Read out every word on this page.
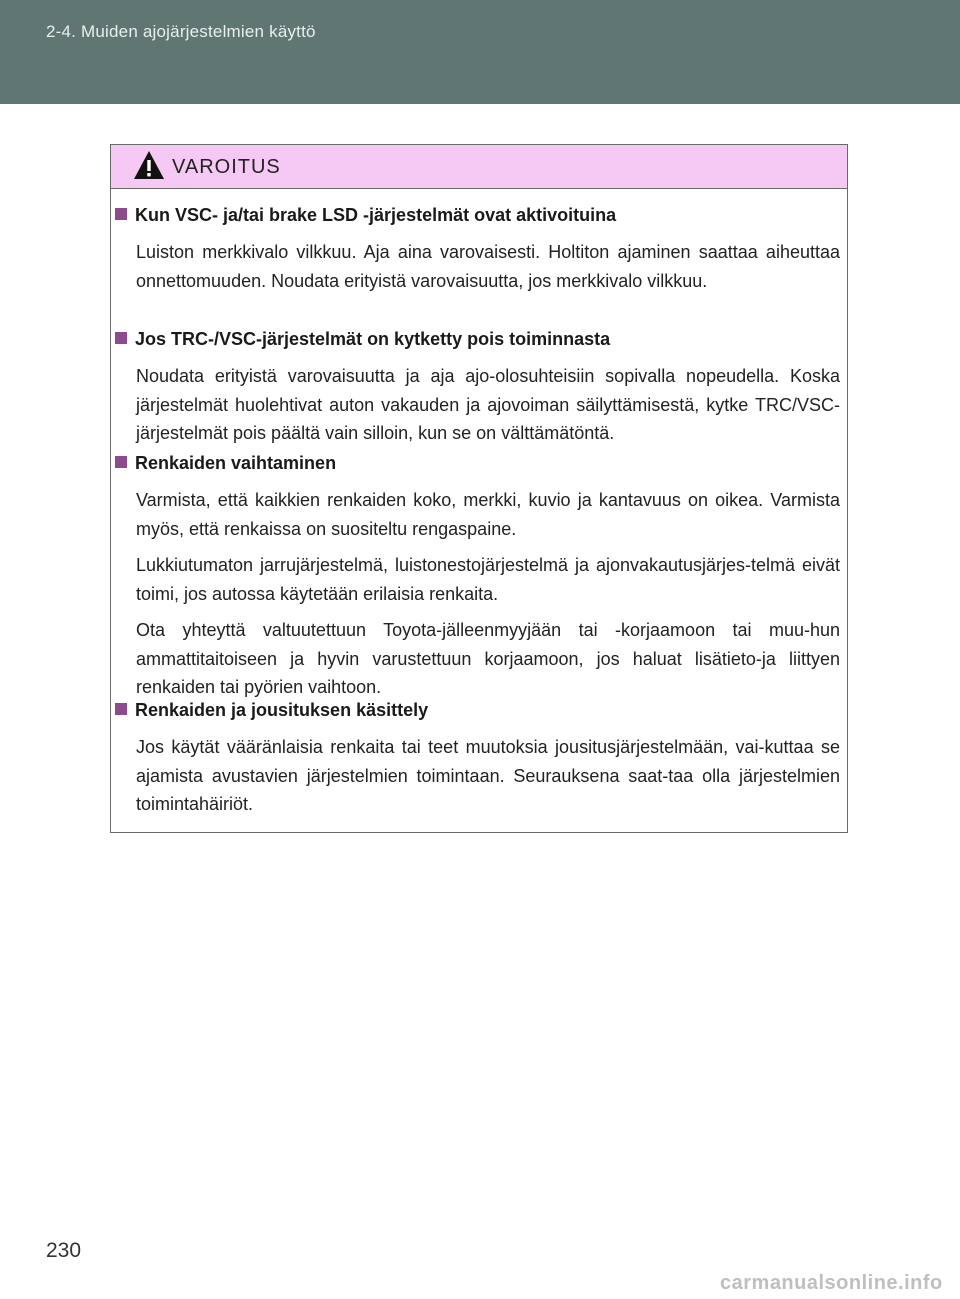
2-4. Muiden ajojärjestelmien käyttö
VAROITUS
Kun VSC- ja/tai brake LSD -järjestelmät ovat aktivoituina
Luiston merkkivalo vilkkuu. Aja aina varovaisesti. Holtiton ajaminen saattaa aiheuttaa onnettomuuden. Noudata erityistä varovaisuutta, jos merkkivalo vilkkuu.
Jos TRC-/VSC-järjestelmät on kytketty pois toiminnasta
Noudata erityistä varovaisuutta ja aja ajo-olosuhteisiin sopivalla nopeudella. Koska järjestelmät huolehtivat auton vakauden ja ajovoiman säilyttämisestä, kytke TRC/VSC-järjestelmät pois päältä vain silloin, kun se on välttämätöntä.
Renkaiden vaihtaminen
Varmista, että kaikkien renkaiden koko, merkki, kuvio ja kantavuus on oikea. Varmista myös, että renkaissa on suositeltu rengaspaine.
Lukkiutumaton jarrujärjestelmä, luistonestojärjestelmä ja ajonvakautusjärjes-telmä eivät toimi, jos autossa käytetään erilaisia renkaita.
Ota yhteyttä valtuutettuun Toyota-jälleenmyyjään tai -korjaamoon tai muu-hun ammattitaitoiseen ja hyvin varustettuun korjaamoon, jos haluat lisätieto-ja liittyen renkaiden tai pyörien vaihtoon.
Renkaiden ja jousituksen käsittely
Jos käytät vääränlaisia renkaita tai teet muutoksia jousitusjärjestelmään, vai-kuttaa se ajamista avustavien järjestelmien toimintaan. Seurauksena saat-taa olla järjestelmien toimintahäiriöt.
230
carmanualsonline.info
